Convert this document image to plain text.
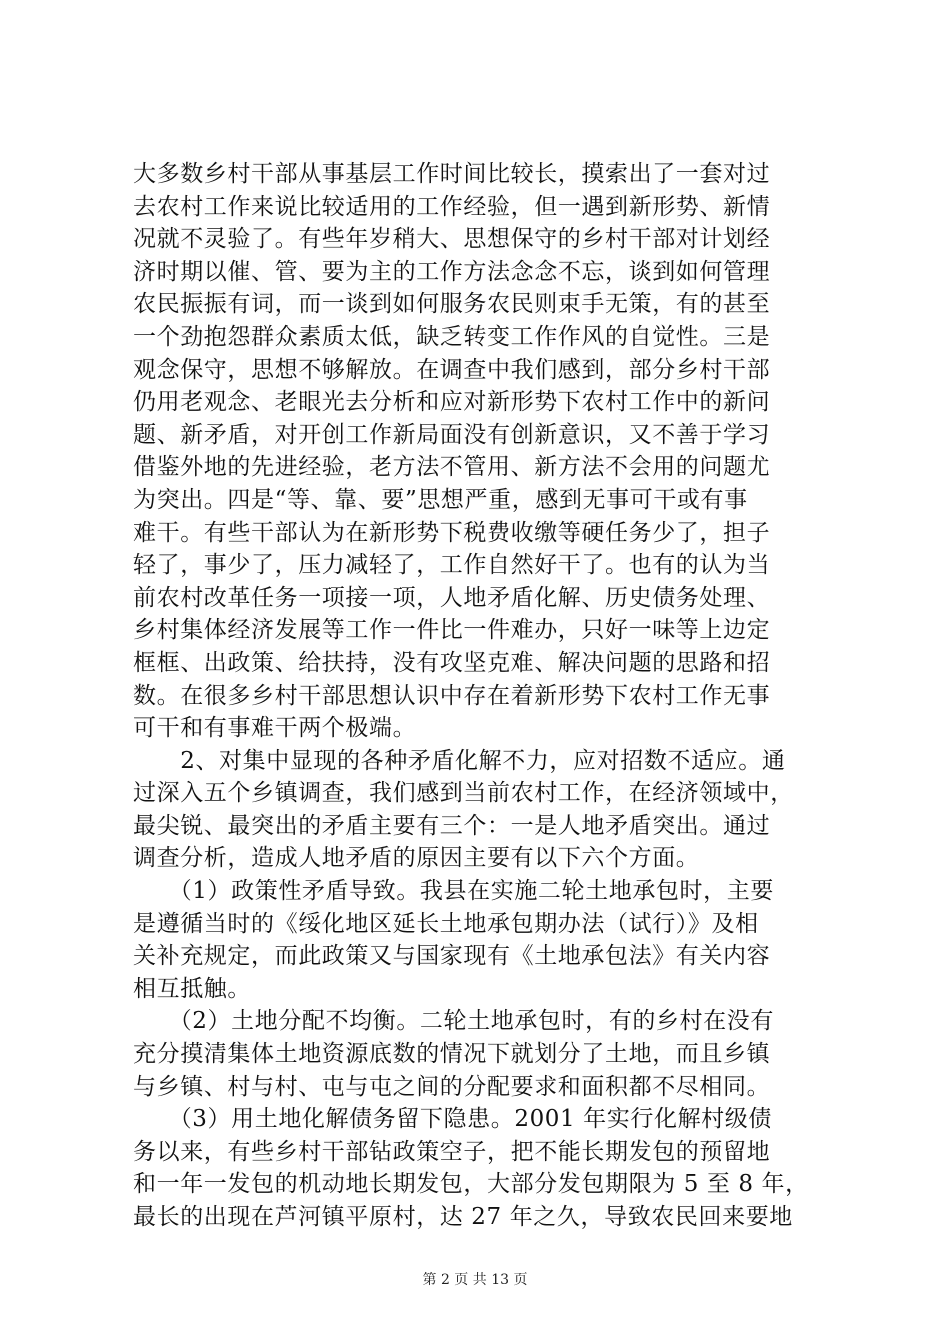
大多数乡村干部从事基层工作时间比较长，摸索出了一套对过
去农村工作来说比较适用的工作经验，但一遇到新形势、新情
况就不灵验了。有些年岁稍大、思想保守的乡村干部对计划经
济时期以催、管、要为主的工作方法念念不忘，谈到如何管理
农民振振有词，而一谈到如何服务农民则束手无策，有的甚至
一个劲抱怨群众素质太低，缺乏转变工作作风的自觉性。三是
观念保守，思想不够解放。在调查中我们感到，部分乡村干部
仍用老观念、老眼光去分析和应对新形势下农村工作中的新问
题、新矛盾，对开创工作新局面没有创新意识，又不善于学习
借鉴外地的先进经验，老方法不管用、新方法不会用的问题尤
为突出。四是“等、靠、要”思想严重，感到无事可干或有事
难干。有些干部认为在新形势下税费收缴等硬任务少了，担子
轻了，事少了，压力减轻了，工作自然好干了。也有的认为当
前农村改革任务一项接一项，人地矛盾化解、历史债务处理、
乡村集体经济发展等工作一件比一件难办，只好一味等上边定
框框、出政策、给扶持，没有攻坚克难、解决问题的思路和招
数。在很多乡村干部思想认识中存在着新形势下农村工作无事
可干和有事难干两个极端。
　　2、对集中显现的各种矛盾化解不力，应对招数不适应。通
过深入五个乡镇调查，我们感到当前农村工作，在经济领域中，
最尖锐、最突出的矛盾主要有三个：一是人地矛盾突出。通过
调查分析，造成人地矛盾的原因主要有以下六个方面。
　　（1）政策性矛盾导致。我县在实施二轮土地承包时，主要
是遵循当时的《绥化地区延长土地承包期办法（试行）》及相
关补充规定，而此政策又与国家现有《土地承包法》有关内容
相互抵触。
　　（2）土地分配不均衡。二轮土地承包时，有的乡村在没有
充分摸清集体土地资源底数的情况下就划分了土地，而且乡镇
与乡镇、村与村、屯与屯之间的分配要求和面积都不尽相同。
　　（3）用土地化解债务留下隐患。2001 年实行化解村级债
务以来，有些乡村干部钻政策空子，把不能长期发包的预留地
和一年一发包的机动地长期发包，大部分发包期限为 5 至 8 年，
最长的出现在芦河镇平原村，达 27 年之久，导致农民回来要地
第 2 页 共 13 页
